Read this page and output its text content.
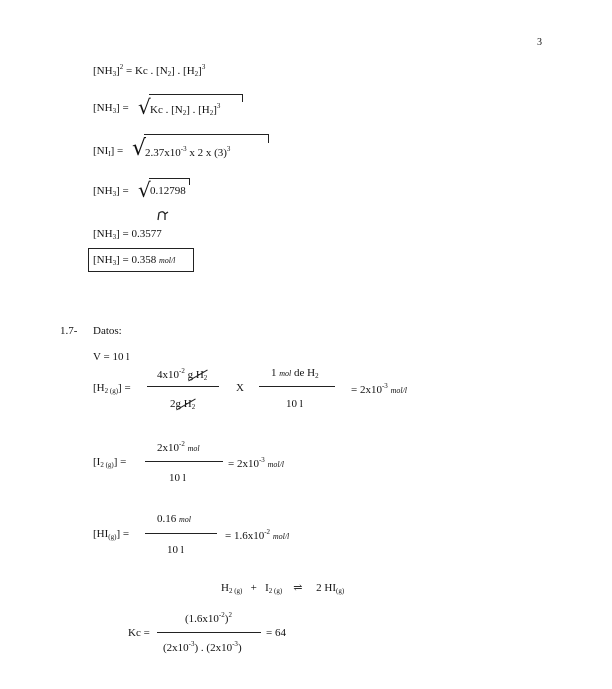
3
$[NH_3]^2 = Kc$ . $[N_2]$ . $[H_2]^3$
$[NH_3]$ = √ Kc . $[N_2]$ . $[H_2]^3$
$[NI_I]$ = √
$2.37x10^{-3}$ x 2 x $(3)^3$
$[NH_3]$ = √ 0.12798
$[NH_3] = 0.3577$
$[NH_3] = 0.358$ mol/l
1.7- Datos:
V = 10 l
$[H_{2 (g)}]$ =
$4x10^{-2}$ g $H_2$
2g $H_2$
X
1 mol de $H_2$
10 l
= $2x10^{-3}$ mol/l
$[I_{2 (g)}]$ =
$2x10^{-2}$ mol
10 l
= $2x10^{-3}$ mol/l
$[HI_{(g)}]$ =
0.16 mol
10 l
= $1.6x10^{-2}$ mol/l
$H_{2 (g)} + I_{2 (g)}$ ⇌ 2 $HI_{(g)}$
Kc =
$(1.6x10^{-2})^2$
$(2x10^{-3})$ . $(2x10^{-3})$
= 64
